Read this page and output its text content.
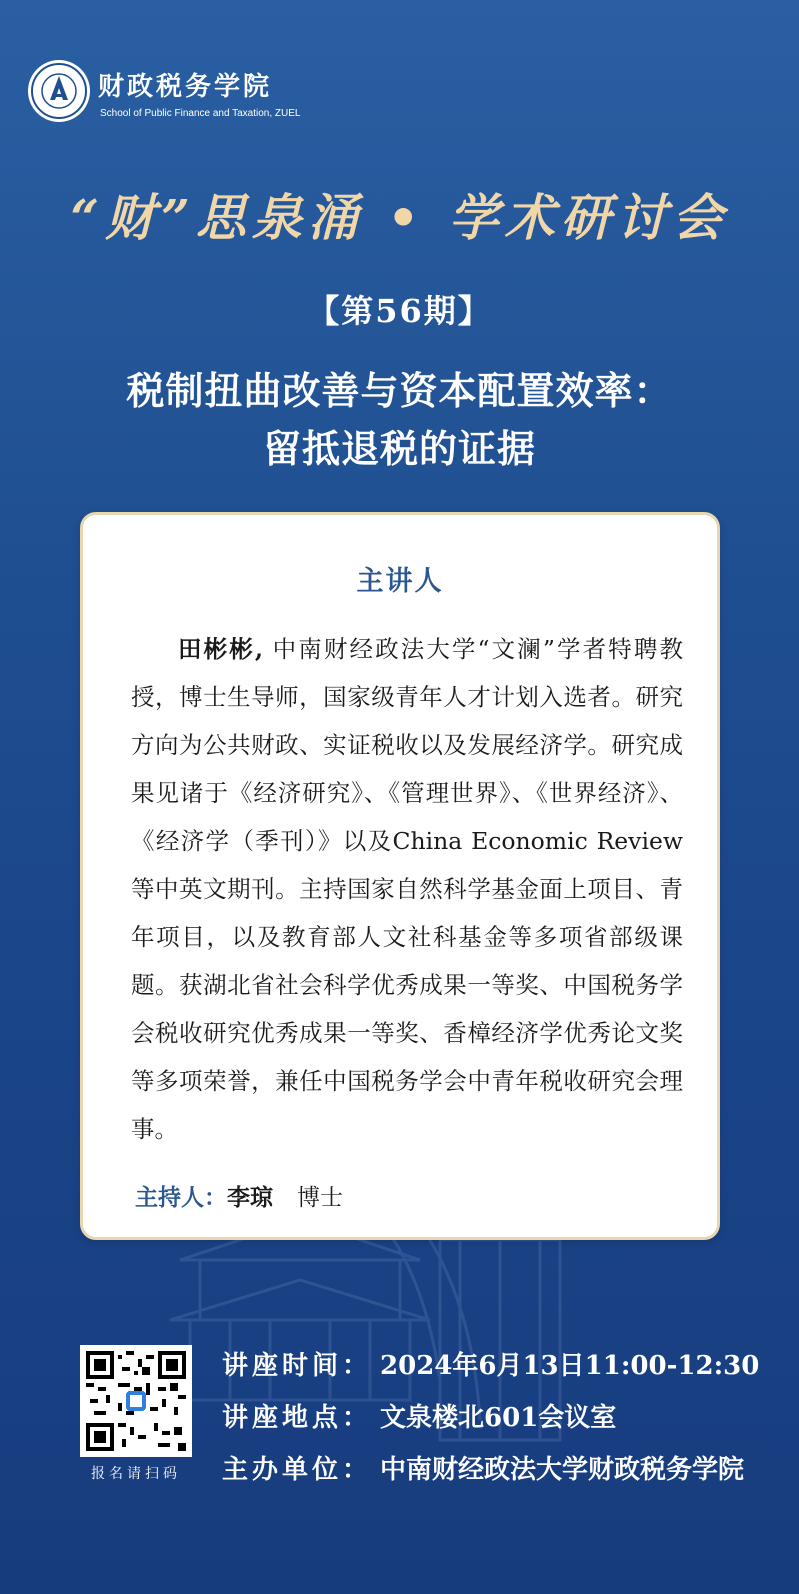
财政税务学院
School of Public Finance and Taxation, ZUEL
“财”思泉涌 • 学术研讨会
【第56期】
税制扭曲改善与资本配置效率：
留抵退税的证据
主讲人
田彬彬, 中南财经政法大学“文澜”学者特聘教授，博士生导师，国家级青年人才计划入选者。研究方向为公共财政、实证税收以及发展经济学。研究成果见诸于《经济研究》、《管理世界》、《世界经济》、《经济学（季刊）》以及China Economic Review等中英文期刊。主持国家自然科学基金面上项目、青年项目，以及教育部人文社科基金等多项省部级课题。获湖北省社会科学优秀成果一等奖、中国税务学会税收研究优秀成果一等奖、香樟经济学优秀论文奖等多项荣誉，兼任中国税务学会中青年税收研究会理事。
主持人：李琼 博士
报名请扫码
讲座时间： 2024年6月13日11:00-12:30
讲座地点： 文泉楼北601会议室
主办单位： 中南财经政法大学财政税务学院
